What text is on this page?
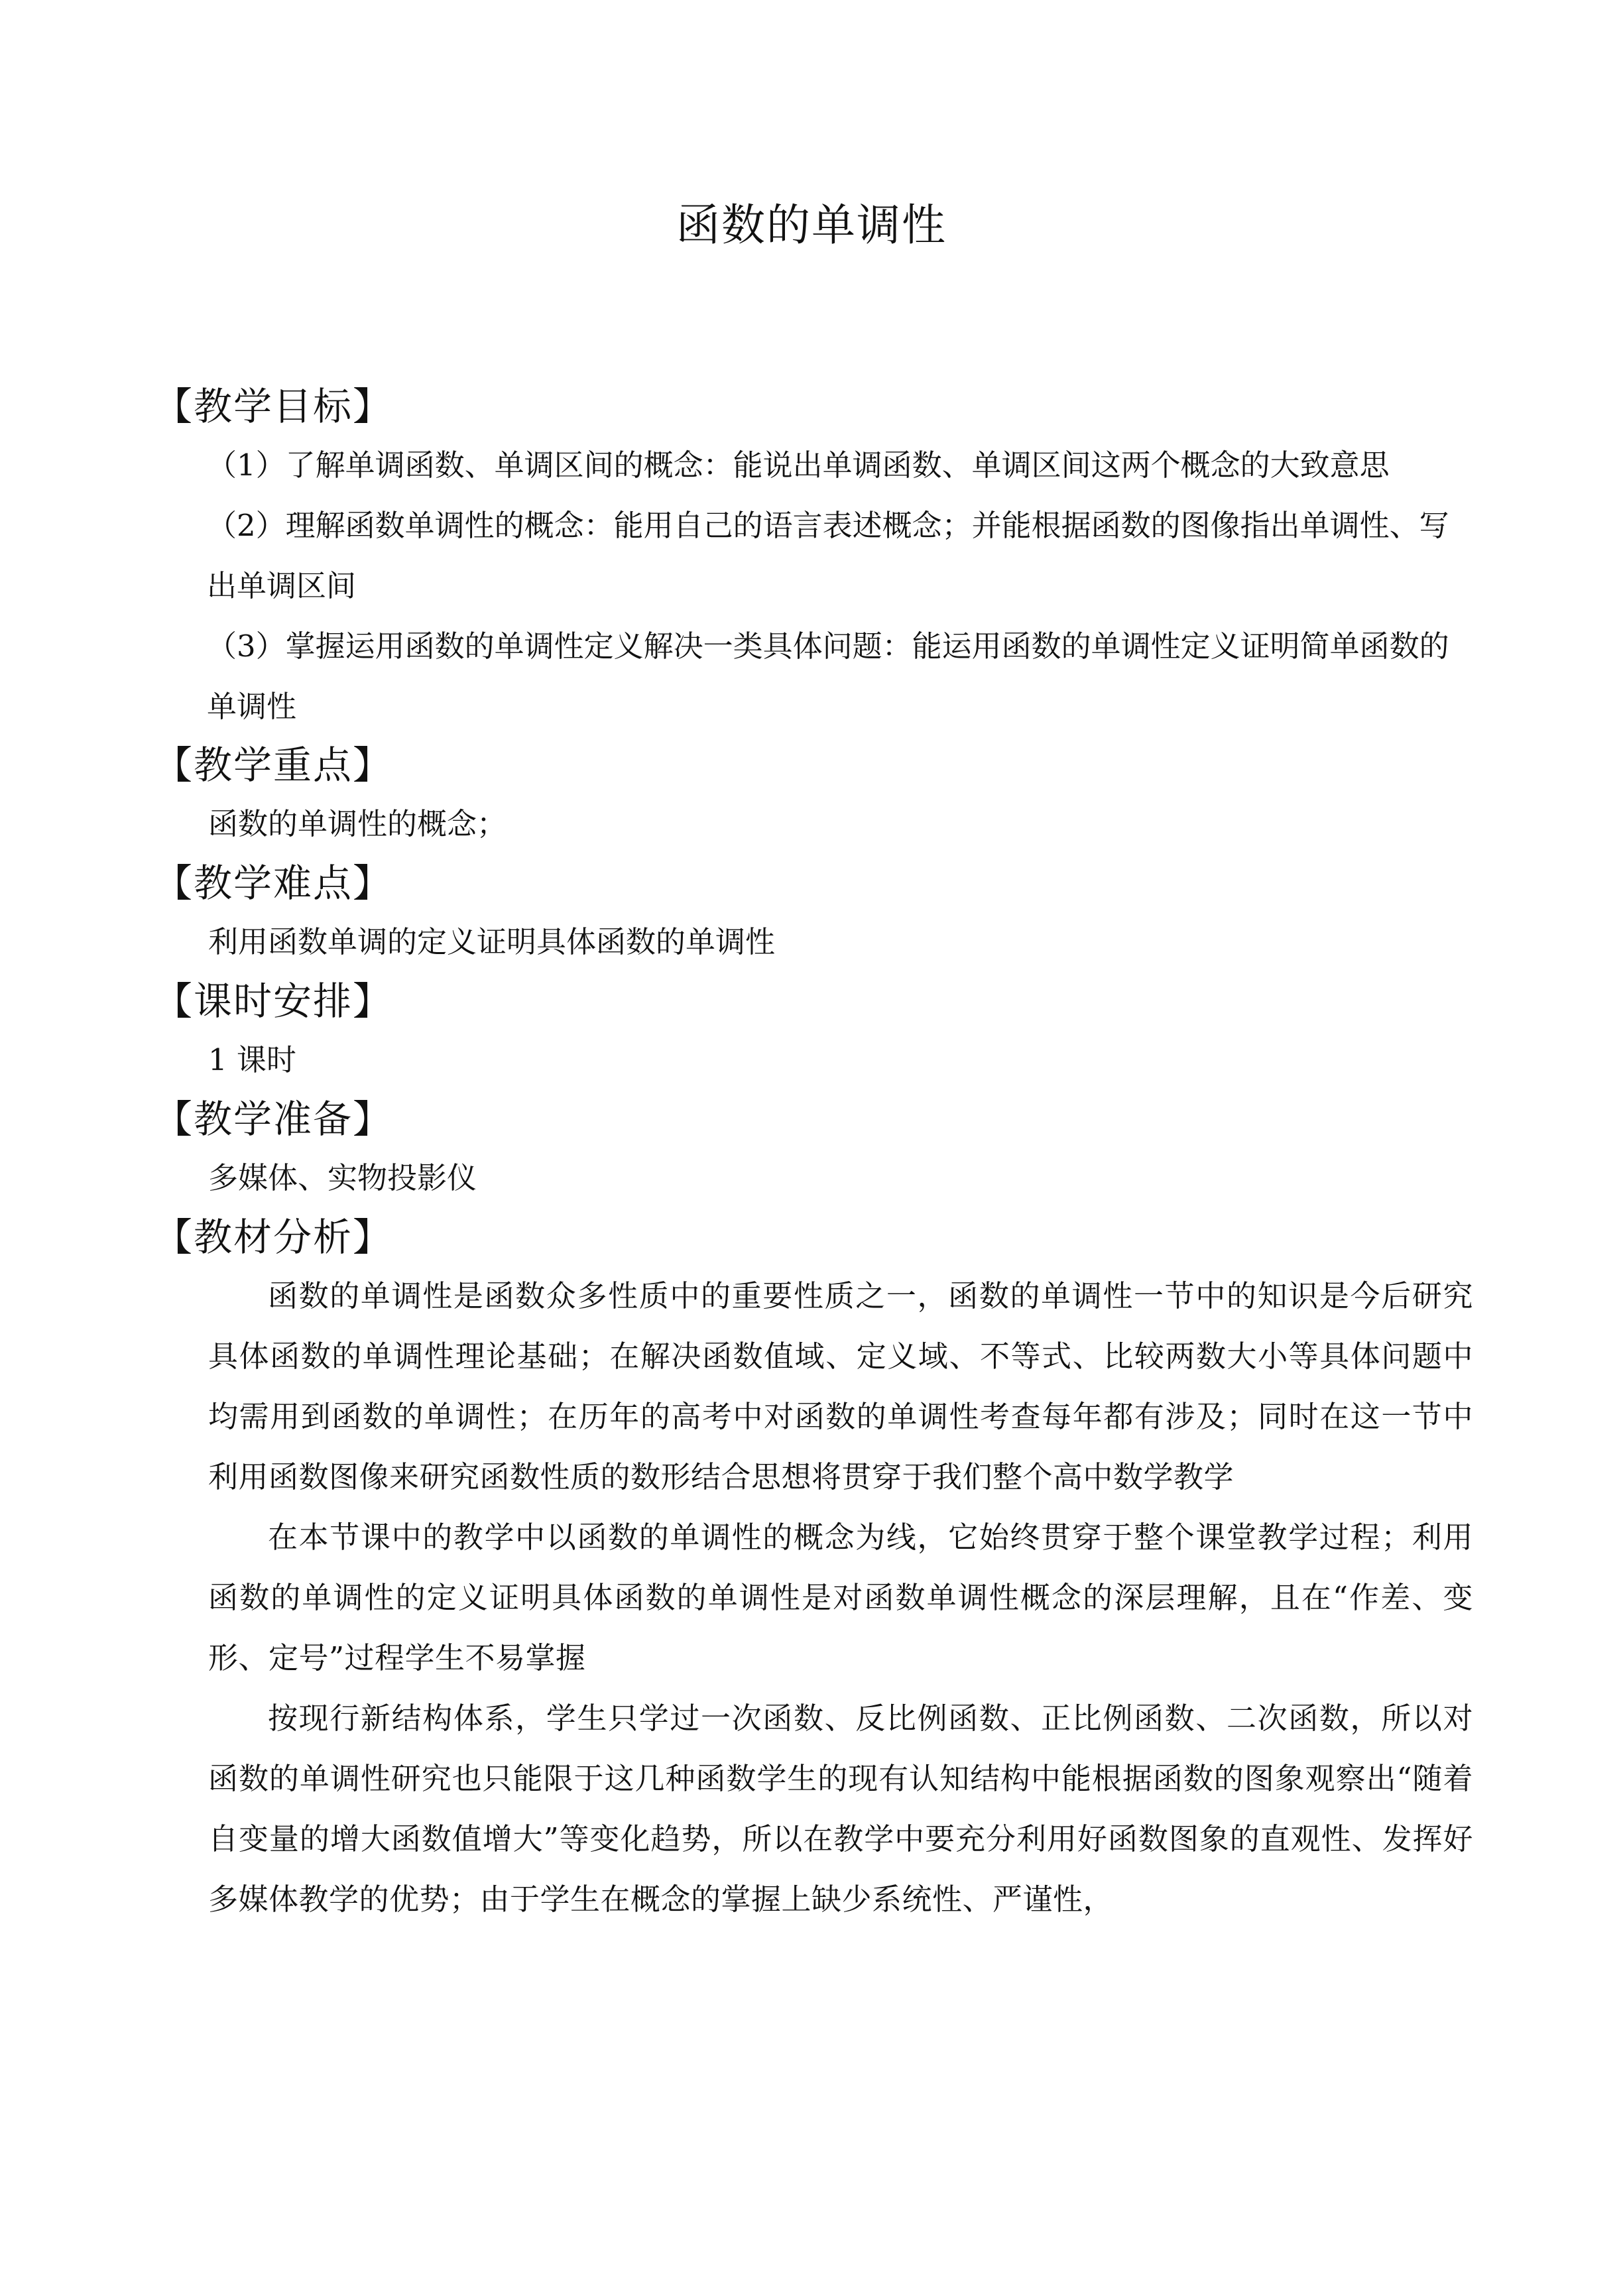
函数的单调性
【教学目标】
（1）了解单调函数、单调区间的概念：能说出单调函数、单调区间这两个概念的大致意思
（2）理解函数单调性的概念：能用自己的语言表述概念；并能根据函数的图像指出单调性、写出单调区间
（3）掌握运用函数的单调性定义解决一类具体问题：能运用函数的单调性定义证明简单函数的单调性
【教学重点】
函数的单调性的概念；
【教学难点】
利用函数单调的定义证明具体函数的单调性
【课时安排】
1 课时
【教学准备】
多媒体、实物投影仪
【教材分析】
函数的单调性是函数众多性质中的重要性质之一，函数的单调性一节中的知识是今后研究具体函数的单调性理论基础；在解决函数值域、定义域、不等式、比较两数大小等具体问题中均需用到函数的单调性；在历年的高考中对函数的单调性考查每年都有涉及；同时在这一节中利用函数图像来研究函数性质的数形结合思想将贯穿于我们整个高中数学教学
在本节课中的教学中以函数的单调性的概念为线，它始终贯穿于整个课堂教学过程；利用函数的单调性的定义证明具体函数的单调性是对函数单调性概念的深层理解，且在“作差、变形、定号”过程学生不易掌握
按现行新结构体系，学生只学过一次函数、反比例函数、正比例函数、二次函数，所以对函数的单调性研究也只能限于这几种函数学生的现有认知结构中能根据函数的图象观察出“随着自变量的增大函数值增大”等变化趋势，所以在教学中要充分利用好函数图象的直观性、发挥好多媒体教学的优势；由于学生在概念的掌握上缺少系统性、严谨性，
